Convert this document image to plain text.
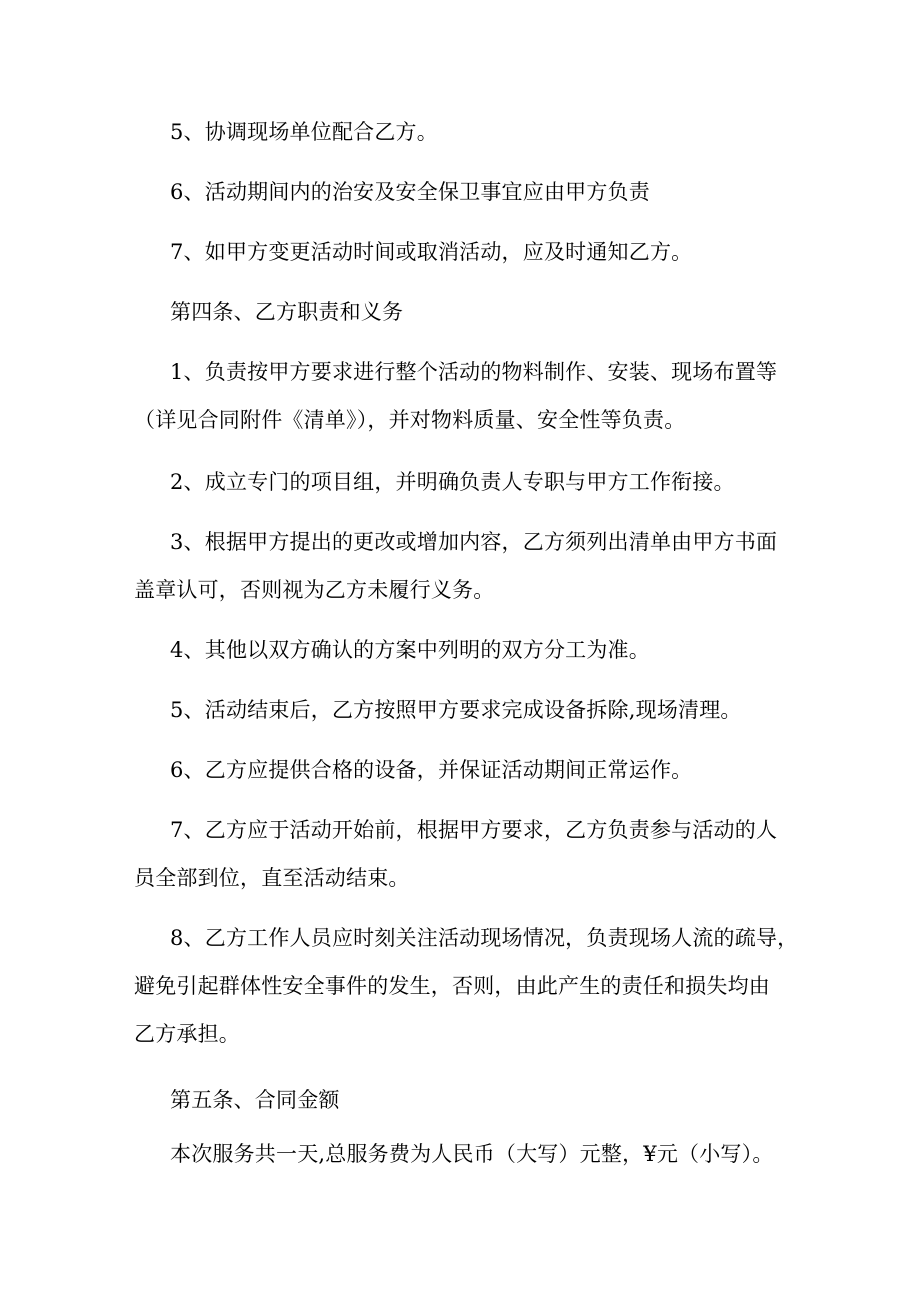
5、协调现场单位配合乙方。
6、活动期间内的治安及安全保卫事宜应由甲方负责
7、如甲方变更活动时间或取消活动，应及时通知乙方。
第四条、乙方职责和义务
1、负责按甲方要求进行整个活动的物料制作、安装、现场布置等
（详见合同附件《清单》），并对物料质量、安全性等负责。
2、成立专门的项目组，并明确负责人专职与甲方工作衔接。
3、根据甲方提出的更改或增加内容，乙方须列出清单由甲方书面
盖章认可，否则视为乙方未履行义务。
4、其他以双方确认的方案中列明的双方分工为准。
5、活动结束后，乙方按照甲方要求完成设备拆除,现场清理。
6、乙方应提供合格的设备，并保证活动期间正常运作。
7、乙方应于活动开始前，根据甲方要求，乙方负责参与活动的人
员全部到位，直至活动结束。
8、乙方工作人员应时刻关注活动现场情况，负责现场人流的疏导，
避免引起群体性安全事件的发生，否则，由此产生的责任和损失均由
乙方承担。
第五条、合同金额
本次服务共一天,总服务费为人民币（大写）元整，¥元（小写）。
